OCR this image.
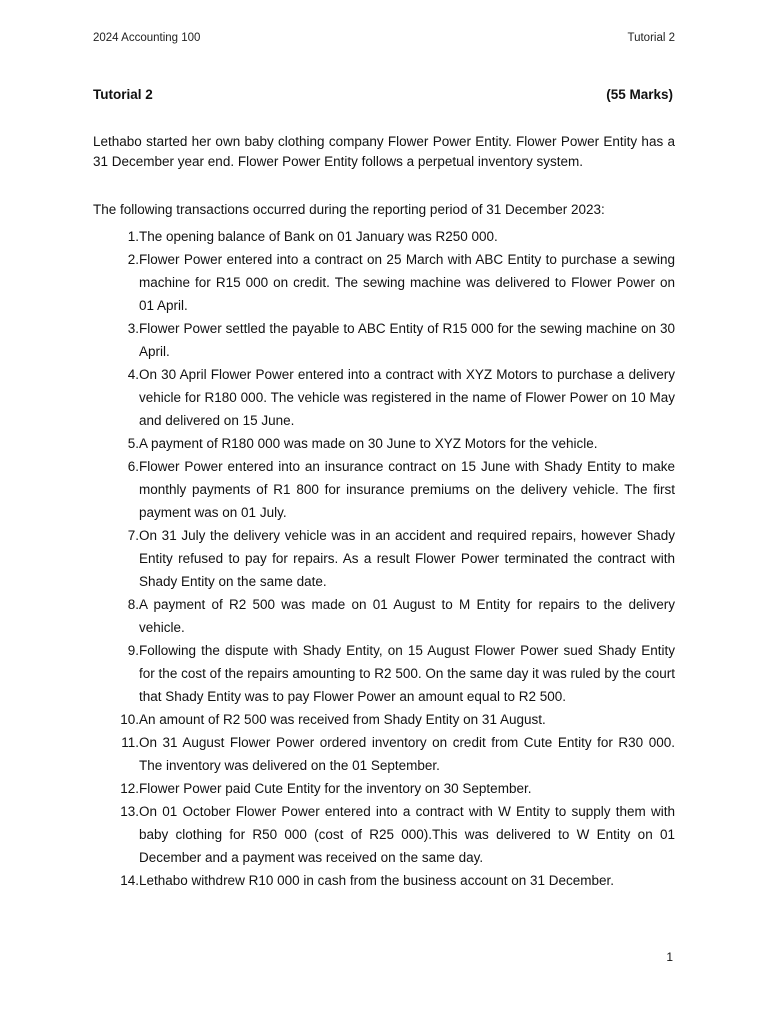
2024 Accounting 100	Tutorial 2
Tutorial 2	(55 Marks)

Lethabo started her own baby clothing company Flower Power Entity. Flower Power Entity has a 31 December year end. Flower Power Entity follows a perpetual inventory system.

The following transactions occurred during the reporting period of 31 December 2023:

1. The opening balance of Bank on 01 January was R250 000.
2. Flower Power entered into a contract on 25 March with ABC Entity to purchase a sewing machine for R15 000 on credit. The sewing machine was delivered to Flower Power on 01 April.
3. Flower Power settled the payable to ABC Entity of R15 000 for the sewing machine on 30 April.
4. On 30 April Flower Power entered into a contract with XYZ Motors to purchase a delivery vehicle for R180 000. The vehicle was registered in the name of Flower Power on 10 May and delivered on 15 June.
5. A payment of R180 000 was made on 30 June to XYZ Motors for the vehicle.
6. Flower Power entered into an insurance contract on 15 June with Shady Entity to make monthly payments of R1 800 for insurance premiums on the delivery vehicle. The first payment was on 01 July.
7. On 31 July the delivery vehicle was in an accident and required repairs, however Shady Entity refused to pay for repairs. As a result Flower Power terminated the contract with Shady Entity on the same date.
8. A payment of R2 500 was made on 01 August to M Entity for repairs to the delivery vehicle.
9. Following the dispute with Shady Entity, on 15 August Flower Power sued Shady Entity for the cost of the repairs amounting to R2 500. On the same day it was ruled by the court that Shady Entity was to pay Flower Power an amount equal to R2 500.
10. An amount of R2 500 was received from Shady Entity on 31 August.
11. On 31 August Flower Power ordered inventory on credit from Cute Entity for R30 000. The inventory was delivered on the 01 September.
12. Flower Power paid Cute Entity for the inventory on 30 September.
13. On 01 October Flower Power entered into a contract with W Entity to supply them with baby clothing for R50 000 (cost of R25 000).This was delivered to W Entity on 01 December and a payment was received on the same day.
14. Lethabo withdrew R10 000 in cash from the business account on 31 December.
1
